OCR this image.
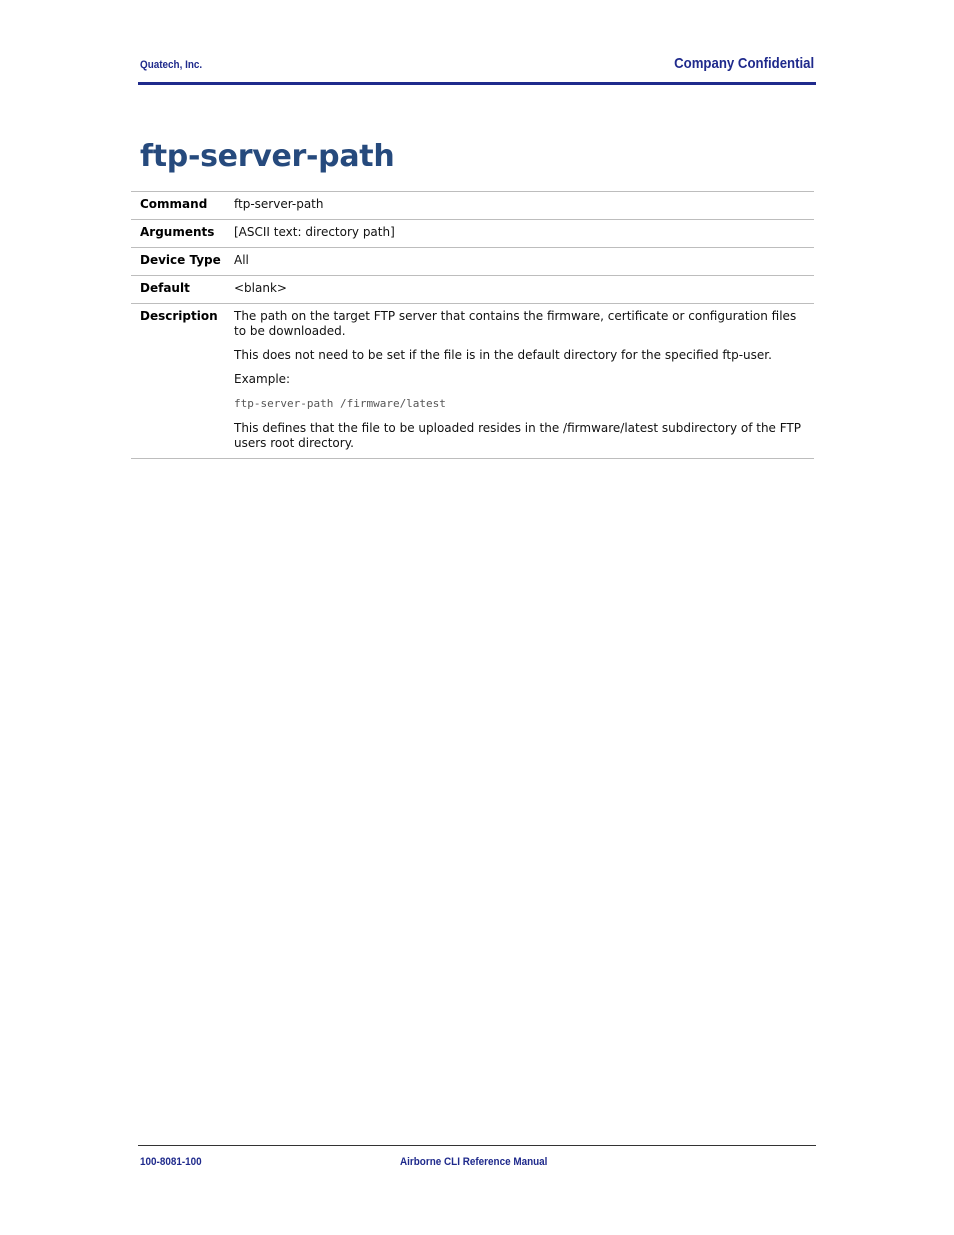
Quatech, Inc.	Company Confidential
ftp-server-path
Command	ftp-server-path
Arguments	[ASCII text: directory path]
Device Type	All
Default	<blank>
Description	The path on the target FTP server that contains the firmware, certificate or configuration files to be downloaded.

This does not need to be set if the file is in the default directory for the specified ftp-user.

Example:

ftp-server-path /firmware/latest

This defines that the file to be uploaded resides in the /firmware/latest subdirectory of the FTP users root directory.

100-8081-100	Airborne CLI Reference Manual
